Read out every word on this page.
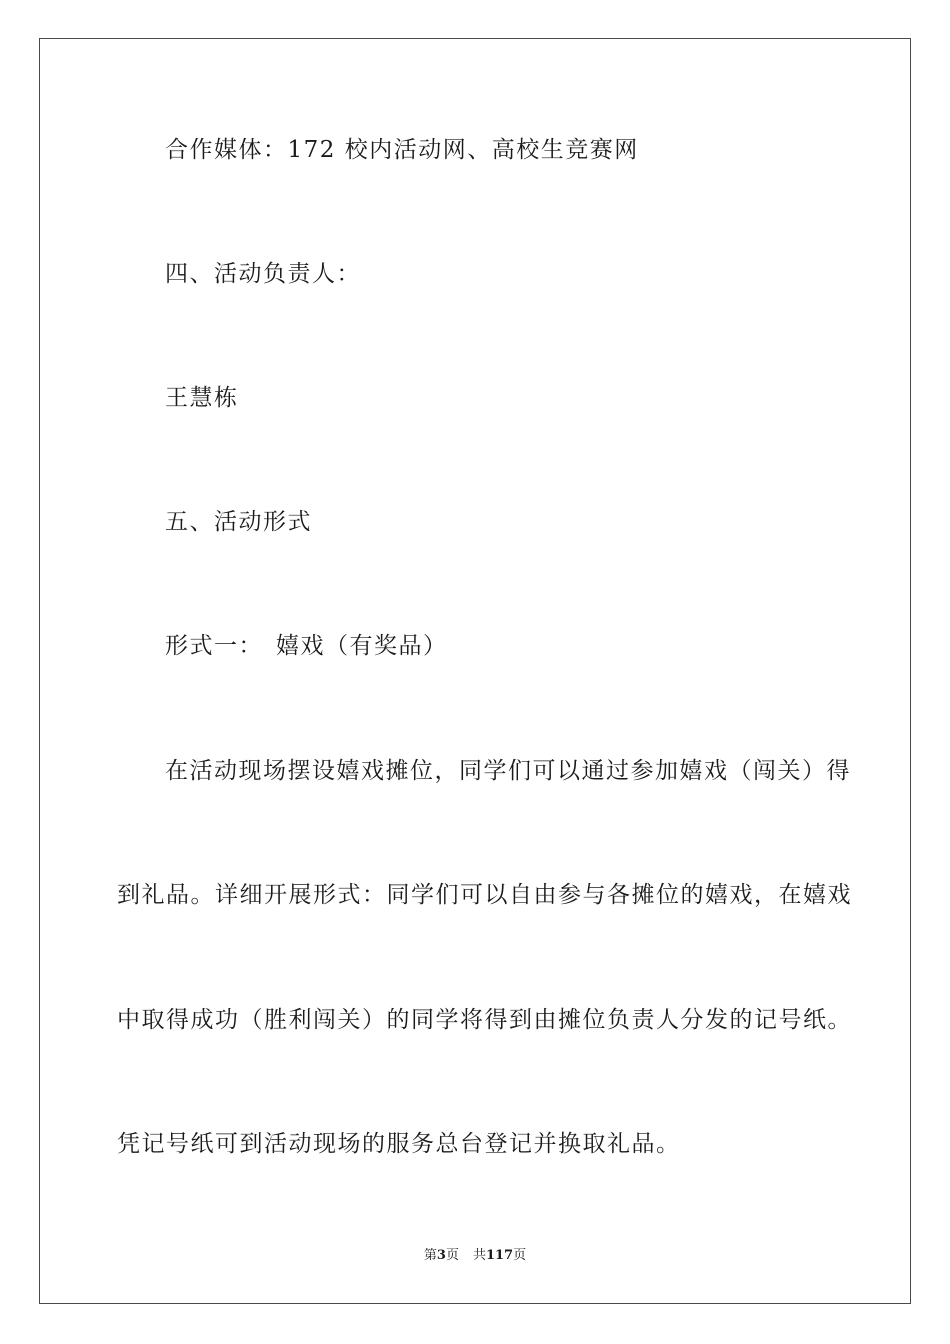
合作媒体：172 校内活动网、高校生竞赛网
四、活动负责人：
王慧栋
五、活动形式
形式一：　嬉戏（有奖品）
在活动现场摆设嬉戏摊位，同学们可以通过参加嬉戏（闯关）得
到礼品。详细开展形式：同学们可以自由参与各摊位的嬉戏，在嬉戏
中取得成功（胜利闯关）的同学将得到由摊位负责人分发的记号纸。
凭记号纸可到活动现场的服务总台登记并换取礼品。
第3页 共117页
